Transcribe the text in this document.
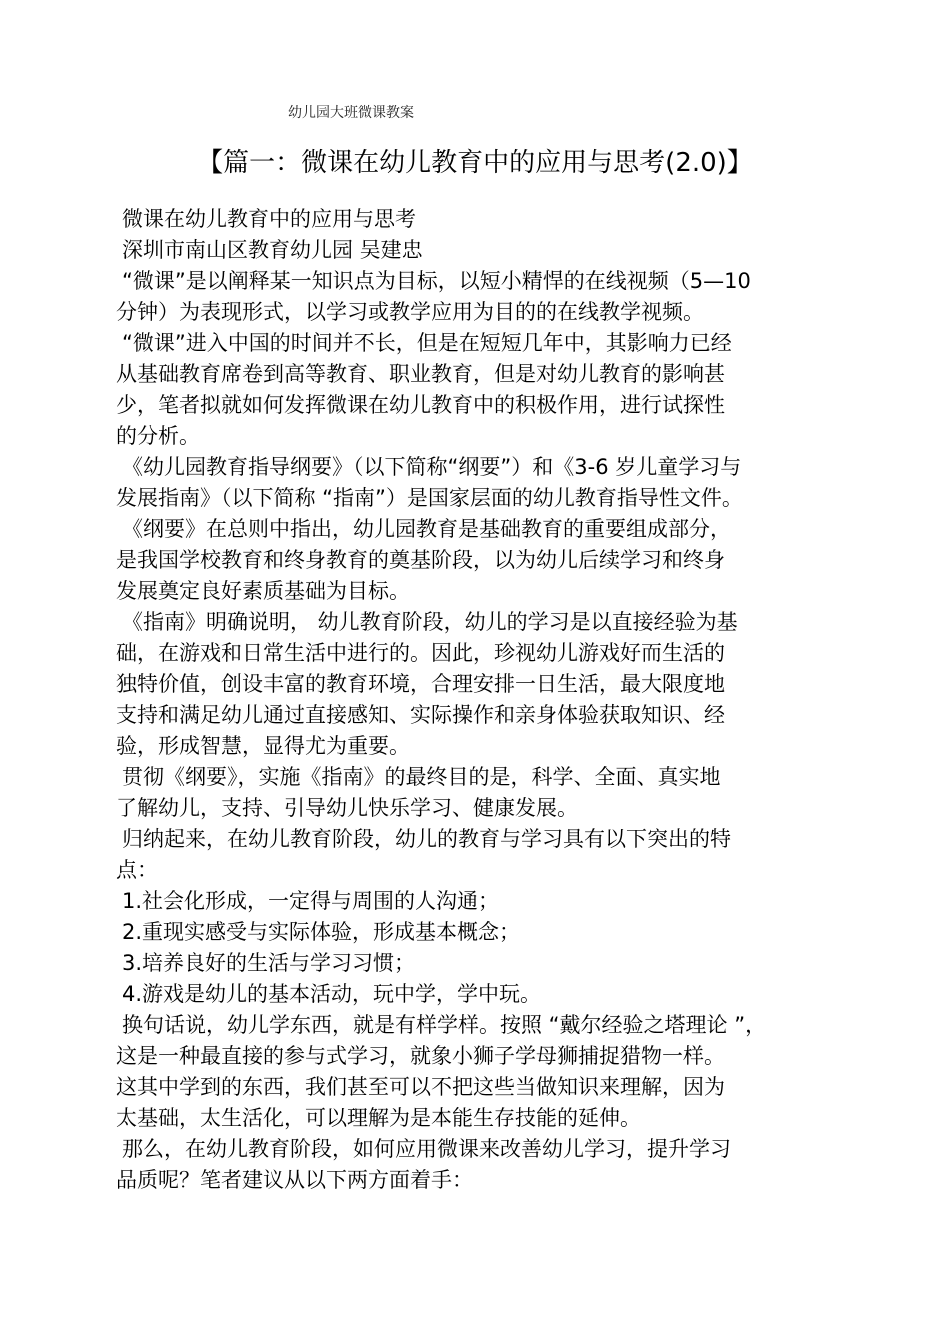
幼儿园大班微课教案
【篇一：微课在幼儿教育中的应用与思考(2.0)】
微课在幼儿教育中的应用与思考
深圳市南山区教育幼儿园 吴建忠
“微课”是以阐释某一知识点为目标，以短小精悍的在线视频（5—10
分钟）为表现形式，以学习或教学应用为目的的在线教学视频。
“微课”进入中国的时间并不长，但是在短短几年中，其影响力已经
从基础教育席卷到高等教育、职业教育，但是对幼儿教育的影响甚
少，笔者拟就如何发挥微课在幼儿教育中的积极作用，进行试探性
的分析。
《幼儿园教育指导纲要》（以下简称“纲要”）和《3-6 岁儿童学习与
发展指南》（以下简称 “指南”）是国家层面的幼儿教育指导性文件。
《纲要》在总则中指出，幼儿园教育是基础教育的重要组成部分，
是我国学校教育和终身教育的奠基阶段，以为幼儿后续学习和终身
发展奠定良好素质基础为目标。
《指南》明确说明， 幼儿教育阶段，幼儿的学习是以直接经验为基
础，在游戏和日常生活中进行的。因此，珍视幼儿游戏好而生活的
独特价值，创设丰富的教育环境，合理安排一日生活，最大限度地
支持和满足幼儿通过直接感知、实际操作和亲身体验获取知识、经
验，形成智慧，显得尤为重要。
贯彻《纲要》，实施《指南》的最终目的是，科学、全面、真实地
了解幼儿，支持、引导幼儿快乐学习、健康发展。
归纳起来，在幼儿教育阶段，幼儿的教育与学习具有以下突出的特
点：
1.社会化形成，一定得与周围的人沟通；
2.重现实感受与实际体验，形成基本概念；
3.培养良好的生活与学习习惯；
4.游戏是幼儿的基本活动，玩中学，学中玩。
换句话说，幼儿学东西，就是有样学样。按照 “戴尔经验之塔理论 ”，
这是一种最直接的参与式学习，就象小狮子学母狮捕捉猎物一样。
这其中学到的东西，我们甚至可以不把这些当做知识来理解，因为
太基础，太生活化，可以理解为是本能生存技能的延伸。
那么，在幼儿教育阶段，如何应用微课来改善幼儿学习，提升学习
品质呢？笔者建议从以下两方面着手：
